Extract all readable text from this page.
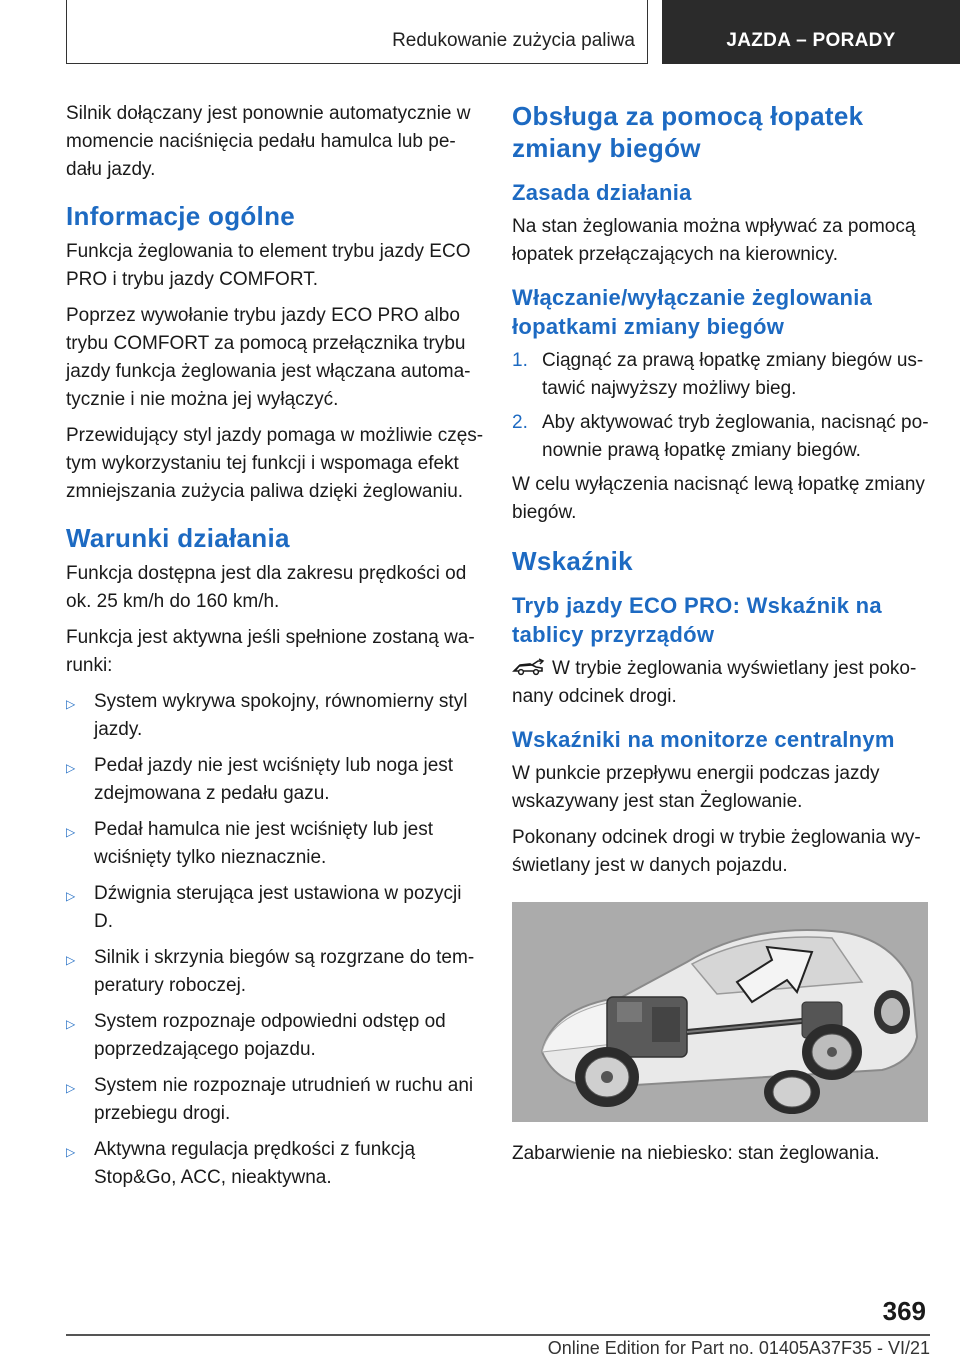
Redukowanie zużycia paliwa	JAZDA – PORADY

Silnik dołączany jest ponownie automatycznie w momencie naciśnięcia pedału hamulca lub pe‐dału jazdy.

Informacje ogólne

Funkcja żeglowania to element trybu jazdy ECO PRO i trybu jazdy COMFORT.

Poprzez wywołanie trybu jazdy ECO PRO albo trybu COMFORT za pomocą przełącznika trybu jazdy funkcja żeglowania jest włączana automa‐tycznie i nie można jej wyłączyć.

Przewidujący styl jazdy pomaga w możliwie częs‐tym wykorzystaniu tej funkcji i wspomaga efekt zmniejszania zużycia paliwa dzięki żeglowaniu.

Warunki działania

Funkcja dostępna jest dla zakresu prędkości od ok. 25 km/h do 160 km/h.

Funkcja jest aktywna jeśli spełnione zostaną wa‐runki:

▷ System wykrywa spokojny, równomierny styl jazdy.
▷ Pedał jazdy nie jest wciśnięty lub noga jest zdejmowana z pedału gazu.
▷ Pedał hamulca nie jest wciśnięty lub jest wciśnięty tylko nieznacznie.
▷ Dźwignia sterująca jest ustawiona w pozycji D.
▷ Silnik i skrzynia biegów są rozgrzane do tem‐peratury roboczej.
▷ System rozpoznaje odpowiedni odstęp od poprzedzającego pojazdu.
▷ System nie rozpoznaje utrudnień w ruchu ani przebiegu drogi.
▷ Aktywna regulacja prędkości z funkcją Stop&Go, ACC, nieaktywna.
Obsługa za pomocą łopatek zmiany biegów
Zasada działania

Na stan żeglowania można wpływać za pomocą łopatek przełączających na kierownicy.

Włączanie/wyłączanie żeglowania łopatkami zmiany biegów
1. Ciągnąć za prawą łopatkę zmiany biegów us‐tawić najwyższy możliwy bieg.
2. Aby aktywować tryb żeglowania, nacisnąć po‐nownie prawą łopatkę zmiany biegów.

W celu wyłączenia nacisnąć lewą łopatkę zmiany biegów.

Wskaźnik
Tryb jazdy ECO PRO: Wskaźnik na tablicy przyrządów

W trybie żeglowania wyświetlany jest poko‐nany odcinek drogi.

Wskaźniki na monitorze centralnym

W punkcie przepływu energii podczas jazdy wskazywany jest stan Żeglowanie.

Pokonany odcinek drogi w trybie żeglowania wy‐świetlany jest w danych pojazdu.

Zabarwienie na niebiesko: stan żeglowania.

369
Online Edition for Part no. 01405A37F35 - VI/21
